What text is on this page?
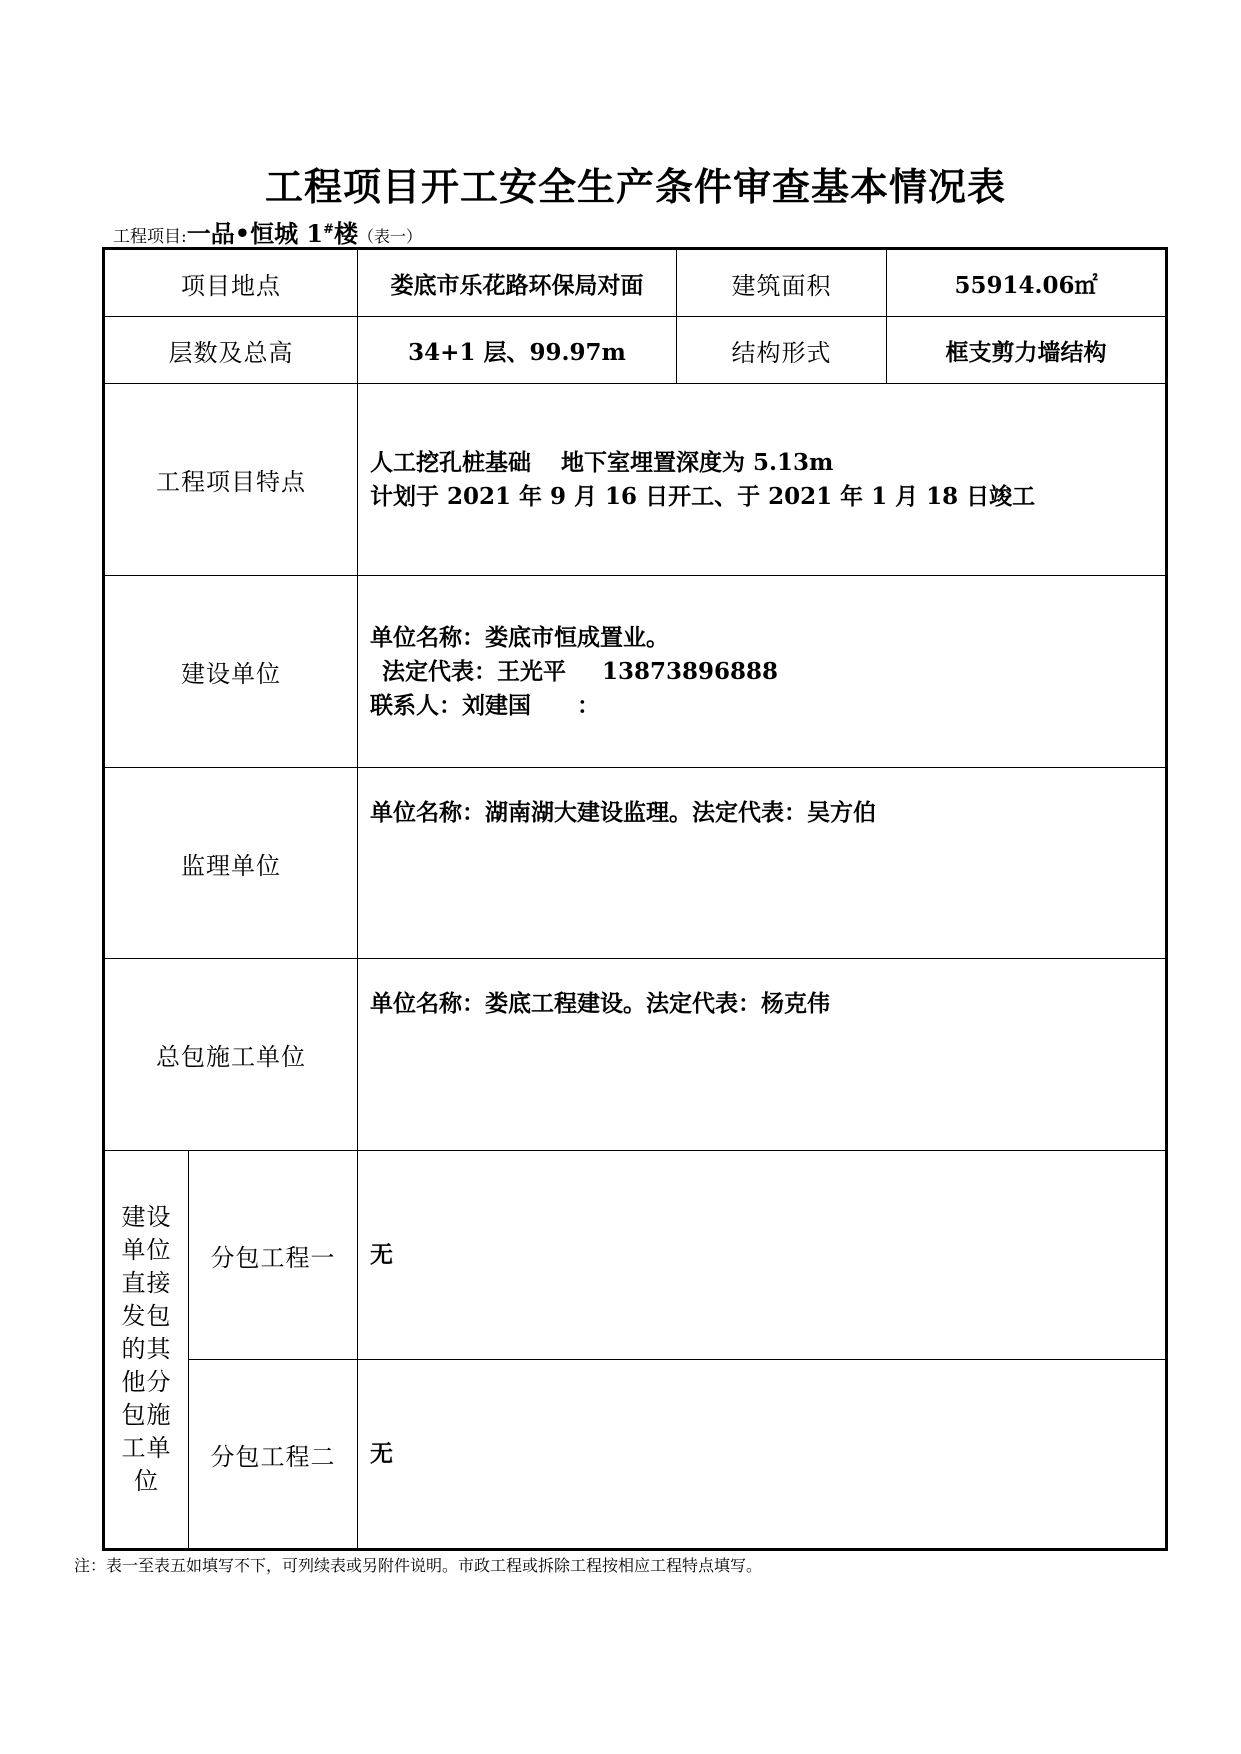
工程项目开工安全生产条件审查基本情况表
工程项目:一品•恒城 1#楼（表一）
项目地点		娄底市乐花路环保局对面	建筑面积	55914.06㎡
层数及总高		34+1 层、99.97m	结构形式	框支剪力墙结构
工程项目特点		人工挖孔桩基础 地下室埋置深度为 5.13m
计划于 2021 年 9 月 16 日开工、于 2021 年 1 月 18 日竣工		

建设单位		单位名称：娄底市恒成置业。
法定代表：王光平 13873896888
联系人：刘建国　　：		

监理单位		单位名称：湖南湖大建设监理。法定代表：吴方伯		

总包施工单位		单位名称：娄底工程建设。法定代表：杨克伟		

建设单位直接发包的其他分包施工单位	分包工程一	无		
	分包工程二	无		
注：表一至表五如填写不下，可列续表或另附件说明。市政工程或拆除工程按相应工程特点填写。
